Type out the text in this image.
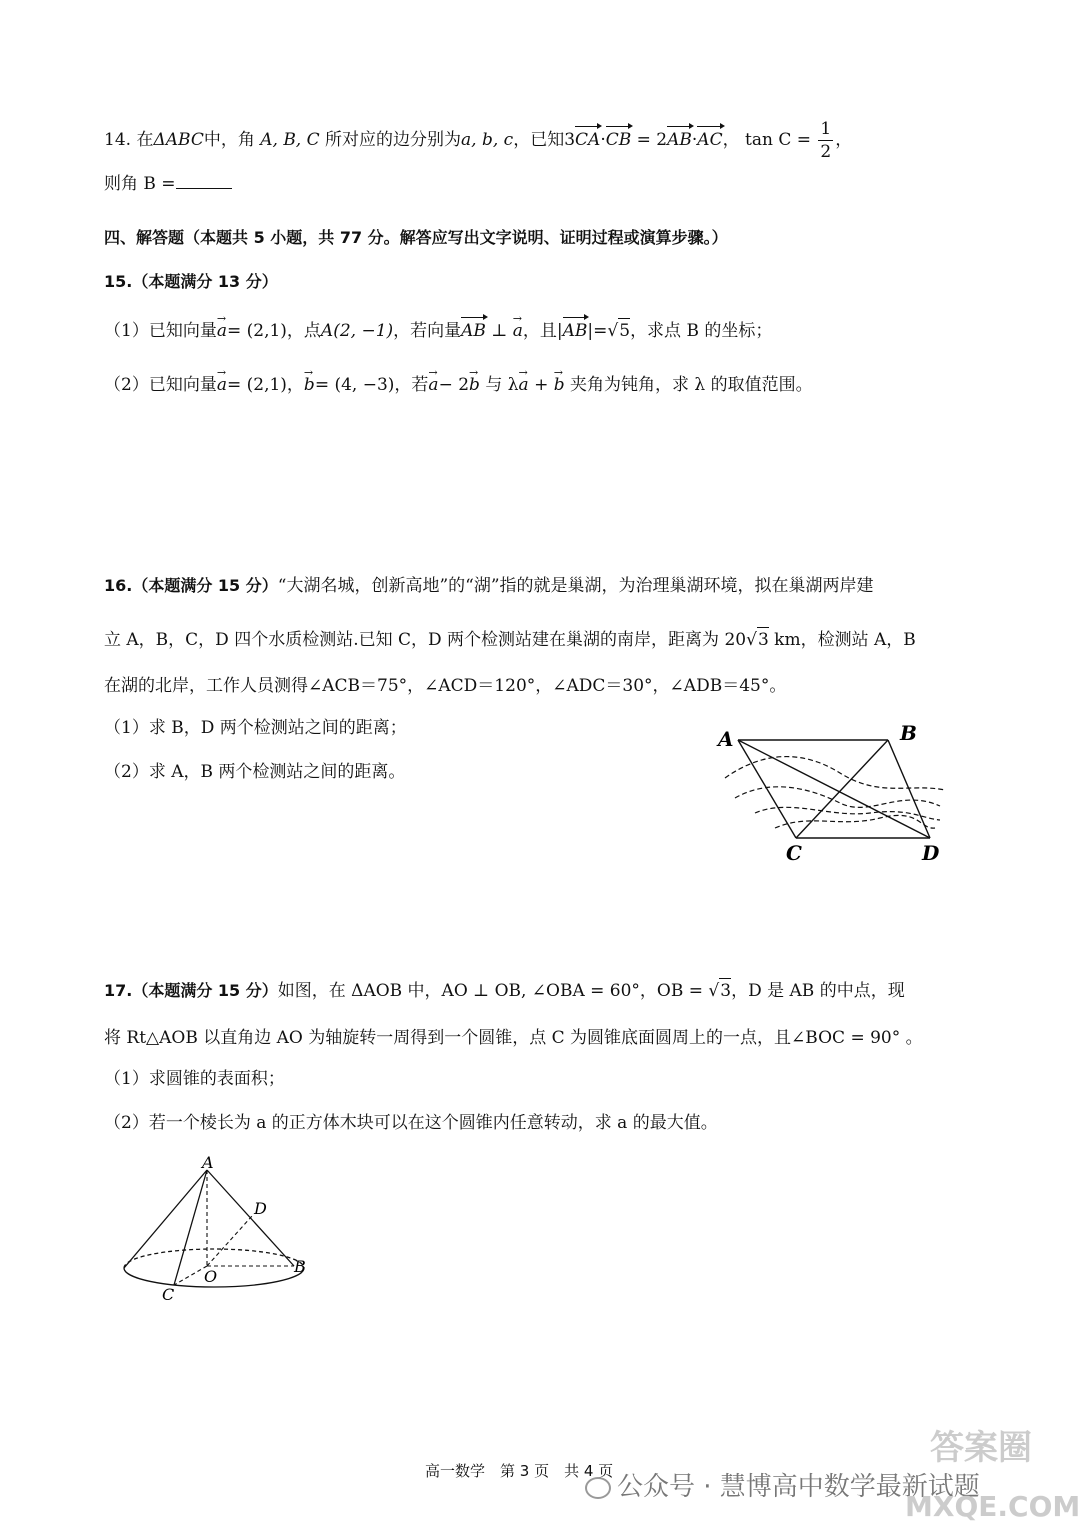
14. 在ΔABC中，角 A, B, C 所对应的边分别为a, b, c，已知3CA·CB = 2AB·AC， $\tan C = \frac{1}{2}$ ，
则角 B =
四、解答题（本题共 5 小题，共 77 分。解答应写出文字说明、证明过程或演算步骤。）
15.（本题满分 13 分）
（1）已知向量→ a= (2,1)，点A(2, −1)，若向量AB ⊥ → a，且|AB|=√5，求点 B 的坐标；
（2）已知向量→ a= (2,1)，→ b= (4, −3)，若→ a− 2→ b 与 λ→ a + → b 夹角为钝角，求 λ 的取值范围。
16.（本题满分 15 分）“大湖名城，创新高地”的“湖”指的就是巢湖，为治理巢湖环境，拟在巢湖两岸建
立 A，B，C，D 四个水质检测站.已知 C，D 两个检测站建在巢湖的南岸，距离为 20√3 km，检测站 A，B
在湖的北岸，工作人员测得∠ACB＝75°，∠ACD＝120°，∠ADC＝30°，∠ADB＝45°。
（1）求 B，D 两个检测站之间的距离；
（2）求 A，B 两个检测站之间的距离。
A	B
C	D
17.（本题满分 15 分）如图，在 ΔAOB 中，AO ⊥ OB, ∠OBA = 60°，OB = √3，D 是 AB 的中点，现
将 Rt△AOB 以直角边 AO 为轴旋转一周得到一个圆锥，点 C 为圆锥底面圆周上的一点，且∠BOC = 90° 。
（1）求圆锥的表面积；
（2）若一个棱长为 a 的正方体木块可以在这个圆锥内任意转动，求 a 的最大值。
A
D
O
B
C
高一数学　第 3 页　共 4 页
公众号 · 慧博高中数学最新试题
答案圈
MXQE.COM
